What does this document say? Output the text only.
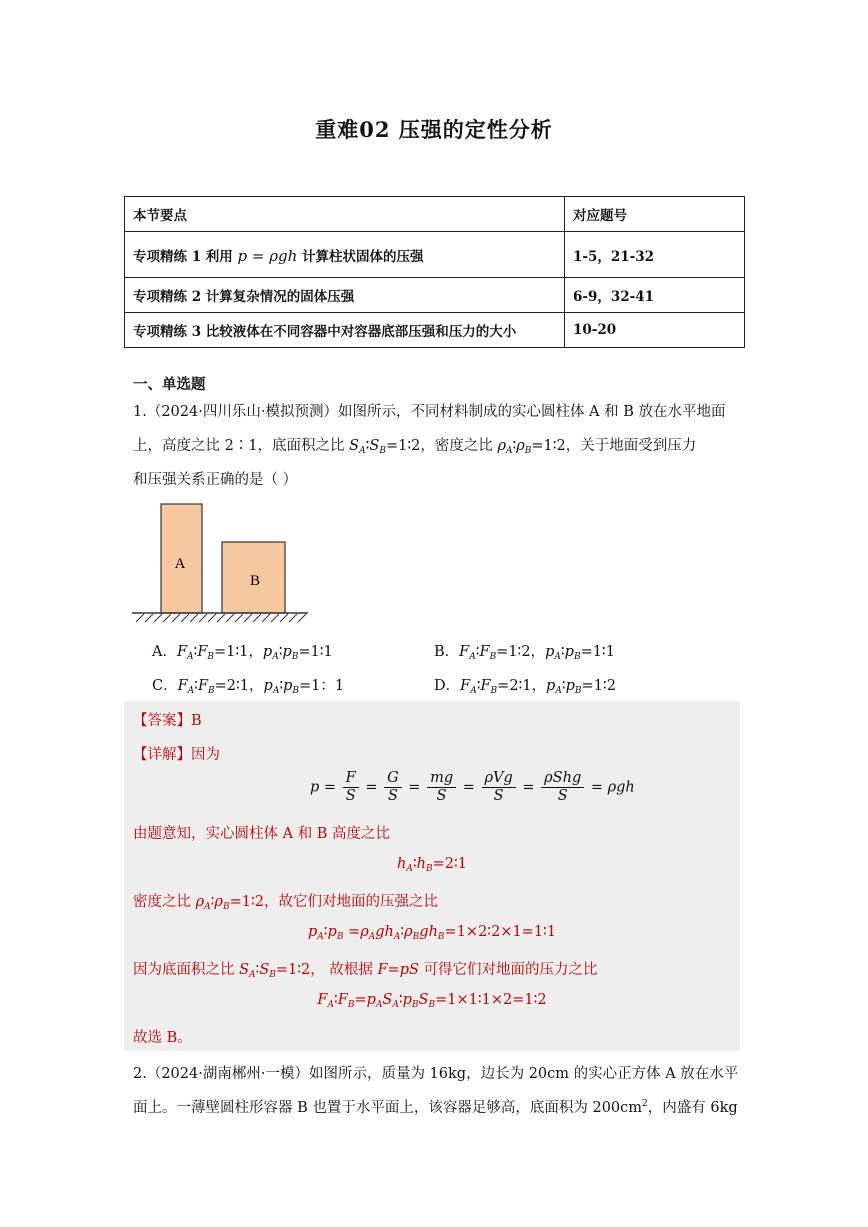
重难02 压强的定性分析
本节要点	对应题号
专项精练 1 利用 p = ρgh 计算柱状固体的压强	1-5，21-32
专项精练 2 计算复杂情况的固体压强	6-9，32-41
专项精练 3 比较液体在不同容器中对容器底部压强和压力的大小	10-20
一、单选题
1.（2024·四川乐山·模拟预测）如图所示，不同材料制成的实心圆柱体 A 和 B 放在水平地面
上，高度之比 2∶1，底面积之比 $S_A∶S_B=1∶2$，密度之比 $\rho_A∶\rho_B=1∶2$，关于地面受到压力
和压强关系正确的是（ ）
A
B
A．$F_A∶F_B=1∶1$，$p_A∶p_B=1∶1$	B．$F_A∶F_B=1∶2$，$p_A∶p_B=1∶1$
C．$F_A∶F_B=2∶1$，$p_A∶p_B=1$：1	D．$F_A∶F_B=2∶1$，$p_A∶p_B=1∶2$
【答案】B
【详解】因为
$p = \frac{F}{S} = \frac{G}{S} = \frac{mg}{S} = \frac{\text{ρVg}}{S} = \frac{\text{ρShg}}{S} = \rho gh$
由题意知，实心圆柱体 A 和 B 高度之比
$h_A∶h_B=2∶1$
密度之比 $\rho_A∶\rho_B=1∶2$，故它们对地面的压强之比
$p_A∶p_B$ $=\rho_Agh_A∶\rho_Bgh_B=1\times 2∶2\times 1=1∶1$
因为底面积之比 $S_A∶S_B=1∶2$， 故根据 F=pS 可得它们对地面的压力之比
$F_A∶F_B=p_AS_A∶p_BS_B=1\times 1∶1\times 2=1∶2$
故选 B。
2.（2024·湖南郴州·一模）如图所示，质量为 16kg，边长为 20cm 的实心正方体 A 放在水平
面上。一薄壁圆柱形容器 B 也置于水平面上，该容器足够高，底面积为 $200cm^2$，内盛有 6kg
